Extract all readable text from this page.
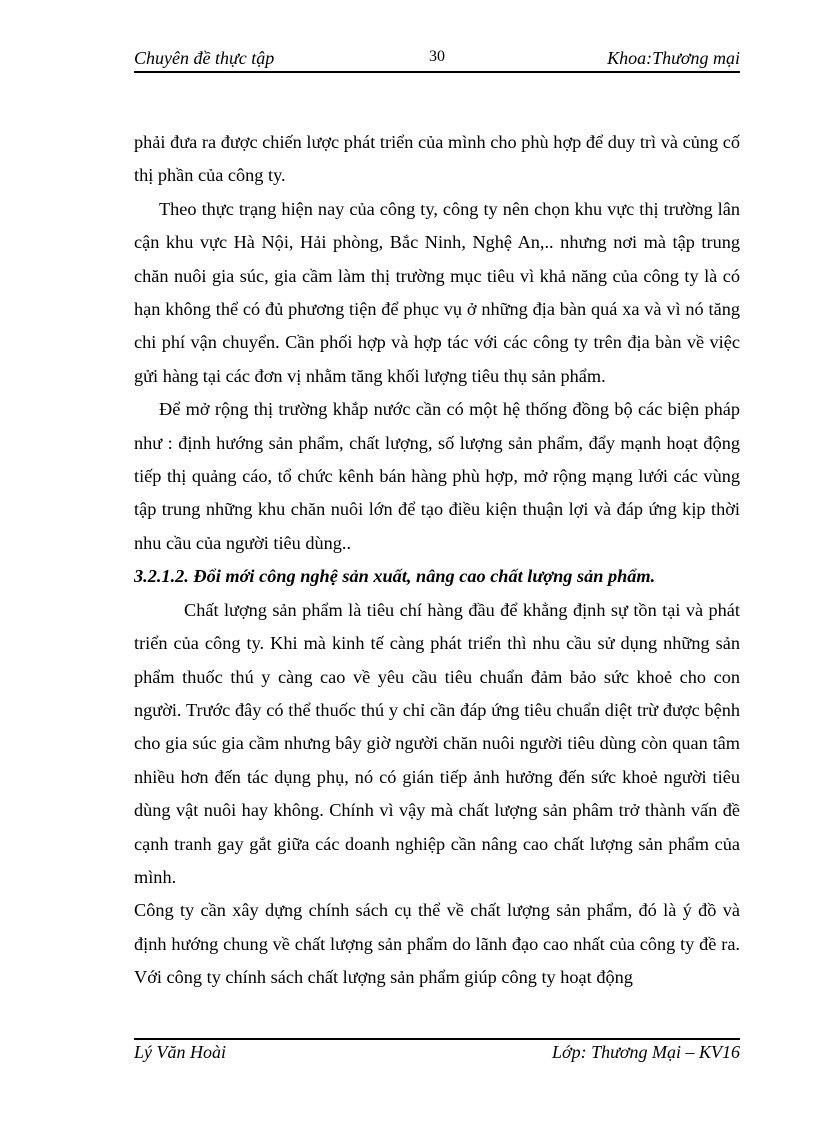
Chuyên đề thực tập	30	Khoa:Thương mại

phải đưa ra được chiến lược phát triển của mình cho phù hợp để duy trì và củng cố thị phần của công ty.

Theo thực trạng hiện nay của công ty, công ty nên chọn khu vực thị trường lân cận khu vực Hà Nội, Hải phòng, Bắc Ninh, Nghệ An,.. nhưng nơi mà tập trung chăn nuôi gia súc, gia cầm làm thị trường mục tiêu vì khả năng của công ty là có hạn không thể có đủ phương tiện để phục vụ ở những địa bàn quá xa và vì nó tăng chi phí vận chuyển. Cần phối hợp và hợp tác với các công ty trên địa bàn về việc gửi hàng tại các đơn vị nhằm tăng khối lượng tiêu thụ sản phẩm.

Để mở rộng thị trường khắp nước cần có một hệ thống đồng bộ các biện pháp như : định hướng sản phẩm, chất lượng, số lượng sản phẩm, đẩy mạnh hoạt động tiếp thị quảng cáo, tổ chức kênh bán hàng phù hợp, mở rộng mạng lưới các vùng tập trung những khu chăn nuôi lớn để tạo điều kiện thuận lợi và đáp ứng kịp thời nhu cầu của người tiêu dùng..

3.2.1.2. Đổi mới công nghệ sản xuất, nâng cao chất lượng sản phẩm.

Chất lượng sản phẩm là tiêu chí hàng đầu để khẳng định sự tồn tại và phát triển của công ty. Khi mà kinh tế càng phát triển thì nhu cầu sử dụng những sản phẩm thuốc thú y càng cao về yêu cầu tiêu chuẩn đảm bảo sức khoẻ cho con người. Trước đây có thể thuốc thú y chỉ cần đáp ứng tiêu chuẩn diệt trừ được bệnh cho gia súc gia cầm nhưng bây giờ người chăn nuôi người tiêu dùng còn quan tâm nhiều hơn đến tác dụng phụ, nó có gián tiếp ảnh hưởng đến sức khoẻ người tiêu dùng vật nuôi hay không. Chính vì vậy mà chất lượng sản phâm trở thành vấn đề cạnh tranh gay gắt giữa các doanh nghiệp cần nâng cao chất lượng sản phẩm của mình.

Công ty cần xây dựng chính sách cụ thể về chất lượng sản phẩm, đó là ý đồ và định hướng chung về chất lượng sản phẩm do lãnh đạo cao nhất của công ty đề ra. Với công ty chính sách chất lượng sản phẩm giúp công ty hoạt động

Lý Văn Hoài	Lớp: Thương Mại – KV16
